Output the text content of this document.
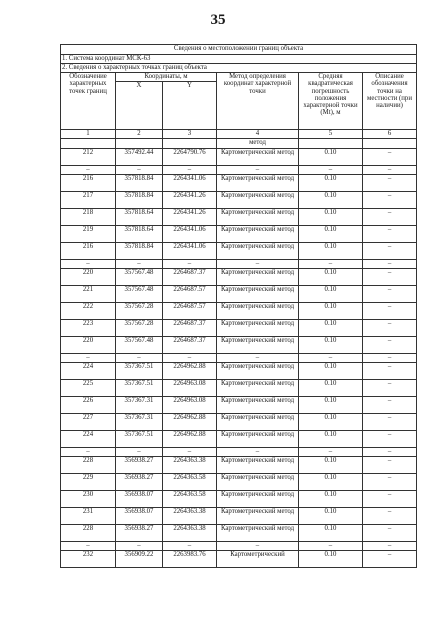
35
Сведения о местоположении границ объекта					
1. Система координат МСК-63					
2. Сведения о характерных точках границ объекта					
Обозначение характерных точек границ	Координаты, м		Метод определения координат характерной точки	Средняя квадратическая погрешность положения характерной точки (Mt), м	Описание обозначения точки на местности (при наличии)
	X	Y			
1	2	3	4	5	6
			метод		
212	357492.44	2264790.76	Картометрический метод	0.10	–
–	–	–	–	–	–
216	357818.84	2264341.06	Картометрический метод	0.10	–
217	357818.84	2264341.26	Картометрический метод	0.10	–
218	357818.64	2264341.26	Картометрический метод	0.10	–
219	357818.64	2264341.06	Картометрический метод	0.10	–
216	357818.84	2264341.06	Картометрический метод	0.10	–
–	–	–	–	–	–
220	357567.48	2264687.37	Картометрический метод	0.10	–
221	357567.48	2264687.57	Картометрический метод	0.10	–
222	357567.28	2264687.57	Картометрический метод	0.10	–
223	357567.28	2264687.37	Картометрический метод	0.10	–
220	357567.48	2264687.37	Картометрический метод	0.10	–
–	–	–	–	–	–
224	357367.51	2264962.88	Картометрический метод	0.10	–
225	357367.51	2264963.08	Картометрический метод	0.10	–
226	357367.31	2264963.08	Картометрический метод	0.10	–
227	357367.31	2264962.88	Картометрический метод	0.10	–
224	357367.51	2264962.88	Картометрический метод	0.10	–
–	–	–	–	–	–
228	356938.27	2264363.38	Картометрический метод	0.10	–
229	356938.27	2264363.58	Картометрический метод	0.10	–
230	356938.07	2264363.58	Картометрический метод	0.10	–
231	356938.07	2264363.38	Картометрический метод	0.10	–
228	356938.27	2264363.38	Картометрический метод	0.10	–
–	–	–	–	–	–
232	356909.22	2263983.76	Картометрический	0.10	–
